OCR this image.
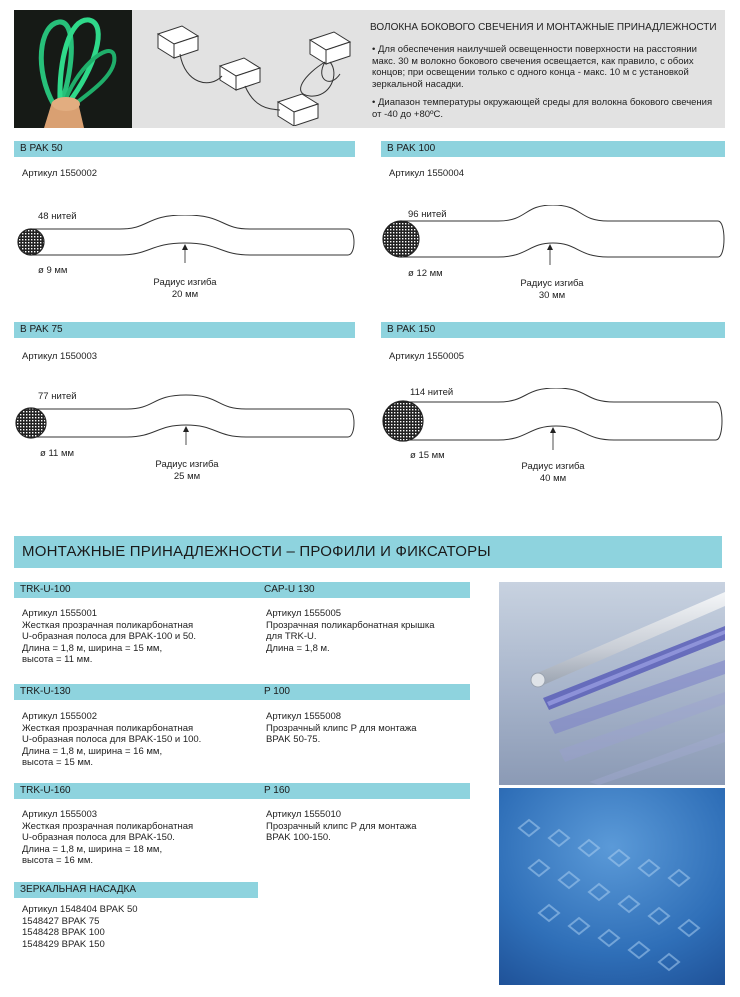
ВОЛОКНА БОКОВОГО СВЕЧЕНИЯ И МОНТАЖНЫЕ ПРИНАДЛЕЖНОСТИ
• Для обеспечения наилучшей освещенности поверхности на расстоянии макс. 30 м волокно бокового свечения освещается, как правило, с обоих концов; при освещении только с одного конца - макс. 10 м с установкой зеркальной насадки.
• Диапазон температуры окружающей среды для волокна бокового свечения от -40 до +80ºC.
B PAK 50
Артикул 1550002
48 нитей
ø 9 мм
Радиус изгиба
20 мм
B PAK 100
Артикул 1550004
96 нитей
ø 12 мм
Радиус изгиба
30 мм
B PAK 75
Артикул 1550003
77 нитей
ø 11 мм
Радиус изгиба
25 мм
B PAK 150
Артикул 1550005
114 нитей
ø 15 мм
Радиус изгиба
40 мм
МОНТАЖНЫЕ ПРИНАДЛЕЖНОСТИ – ПРОФИЛИ И ФИКСАТОРЫ
TRK-U-100
Артикул 1555001
Жесткая прозрачная поликарбонатная
U-образная полоса для BPAK-100 и 50.
Длина = 1,8 м, ширина = 15 мм,
высота = 11 мм.
CAP-U 130
Артикул 1555005
Прозрачная поликарбонатная крышка
для TRK-U.
Длина = 1,8 м.
TRK-U-130
Артикул 1555002
Жесткая прозрачная поликарбонатная
U-образная полоса для BPAK-150 и 100.
Длина = 1,8 м, ширина = 16 мм,
высота = 15 мм.
P 100
Артикул 1555008
Прозрачный клипс P для монтажа
BPAK 50-75.
TRK-U-160
Артикул 1555003
Жесткая прозрачная поликарбонатная
U-образная полоса для BPAK-150.
Длина = 1,8 м, ширина = 18 мм,
высота = 16 мм.
P 160
Артикул 1555010
Прозрачный клипс P для монтажа
BPAK 100-150.
ЗЕРКАЛЬНАЯ НАСАДКА
Артикул 1548404 BPAK 50
1548427 BPAK 75
1548428 BPAK 100
1548429 BPAK 150
